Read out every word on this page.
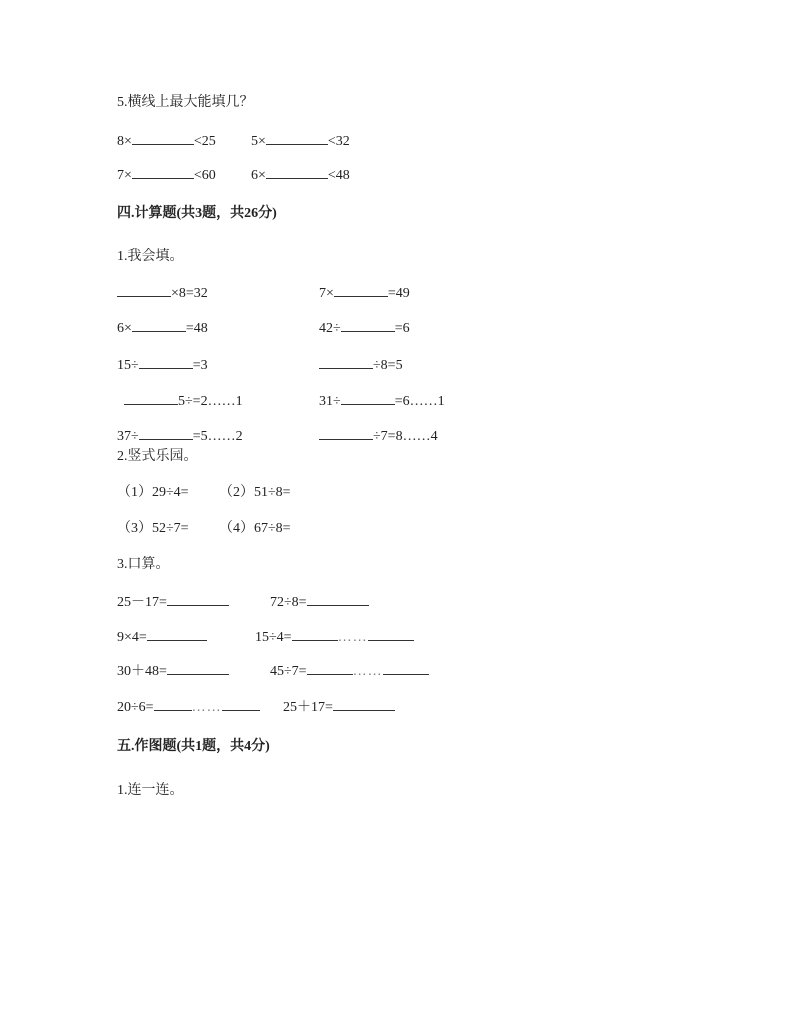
5.横线上最大能填几？
8×	<25	5×	<32
7×	<60	6×	<48
四.计算题(共3题，共26分)
1.我会填。
×8=32	7×	=49
6×	=48	42÷	=6
15÷	=3	÷8=5
5÷=2……1	31÷	=6……1
37÷	=5……2	÷7=8……4
2.竖式乐园。
（1）29÷4= （2）51÷8=
（3）52÷7= （4）67÷8=
3.口算。
25－17=	72÷8=
9×4=	15÷4=	……
30＋48=	45÷7=	……
20÷6=	……	25＋17=
五.作图题(共1题，共4分)
1.连一连。
